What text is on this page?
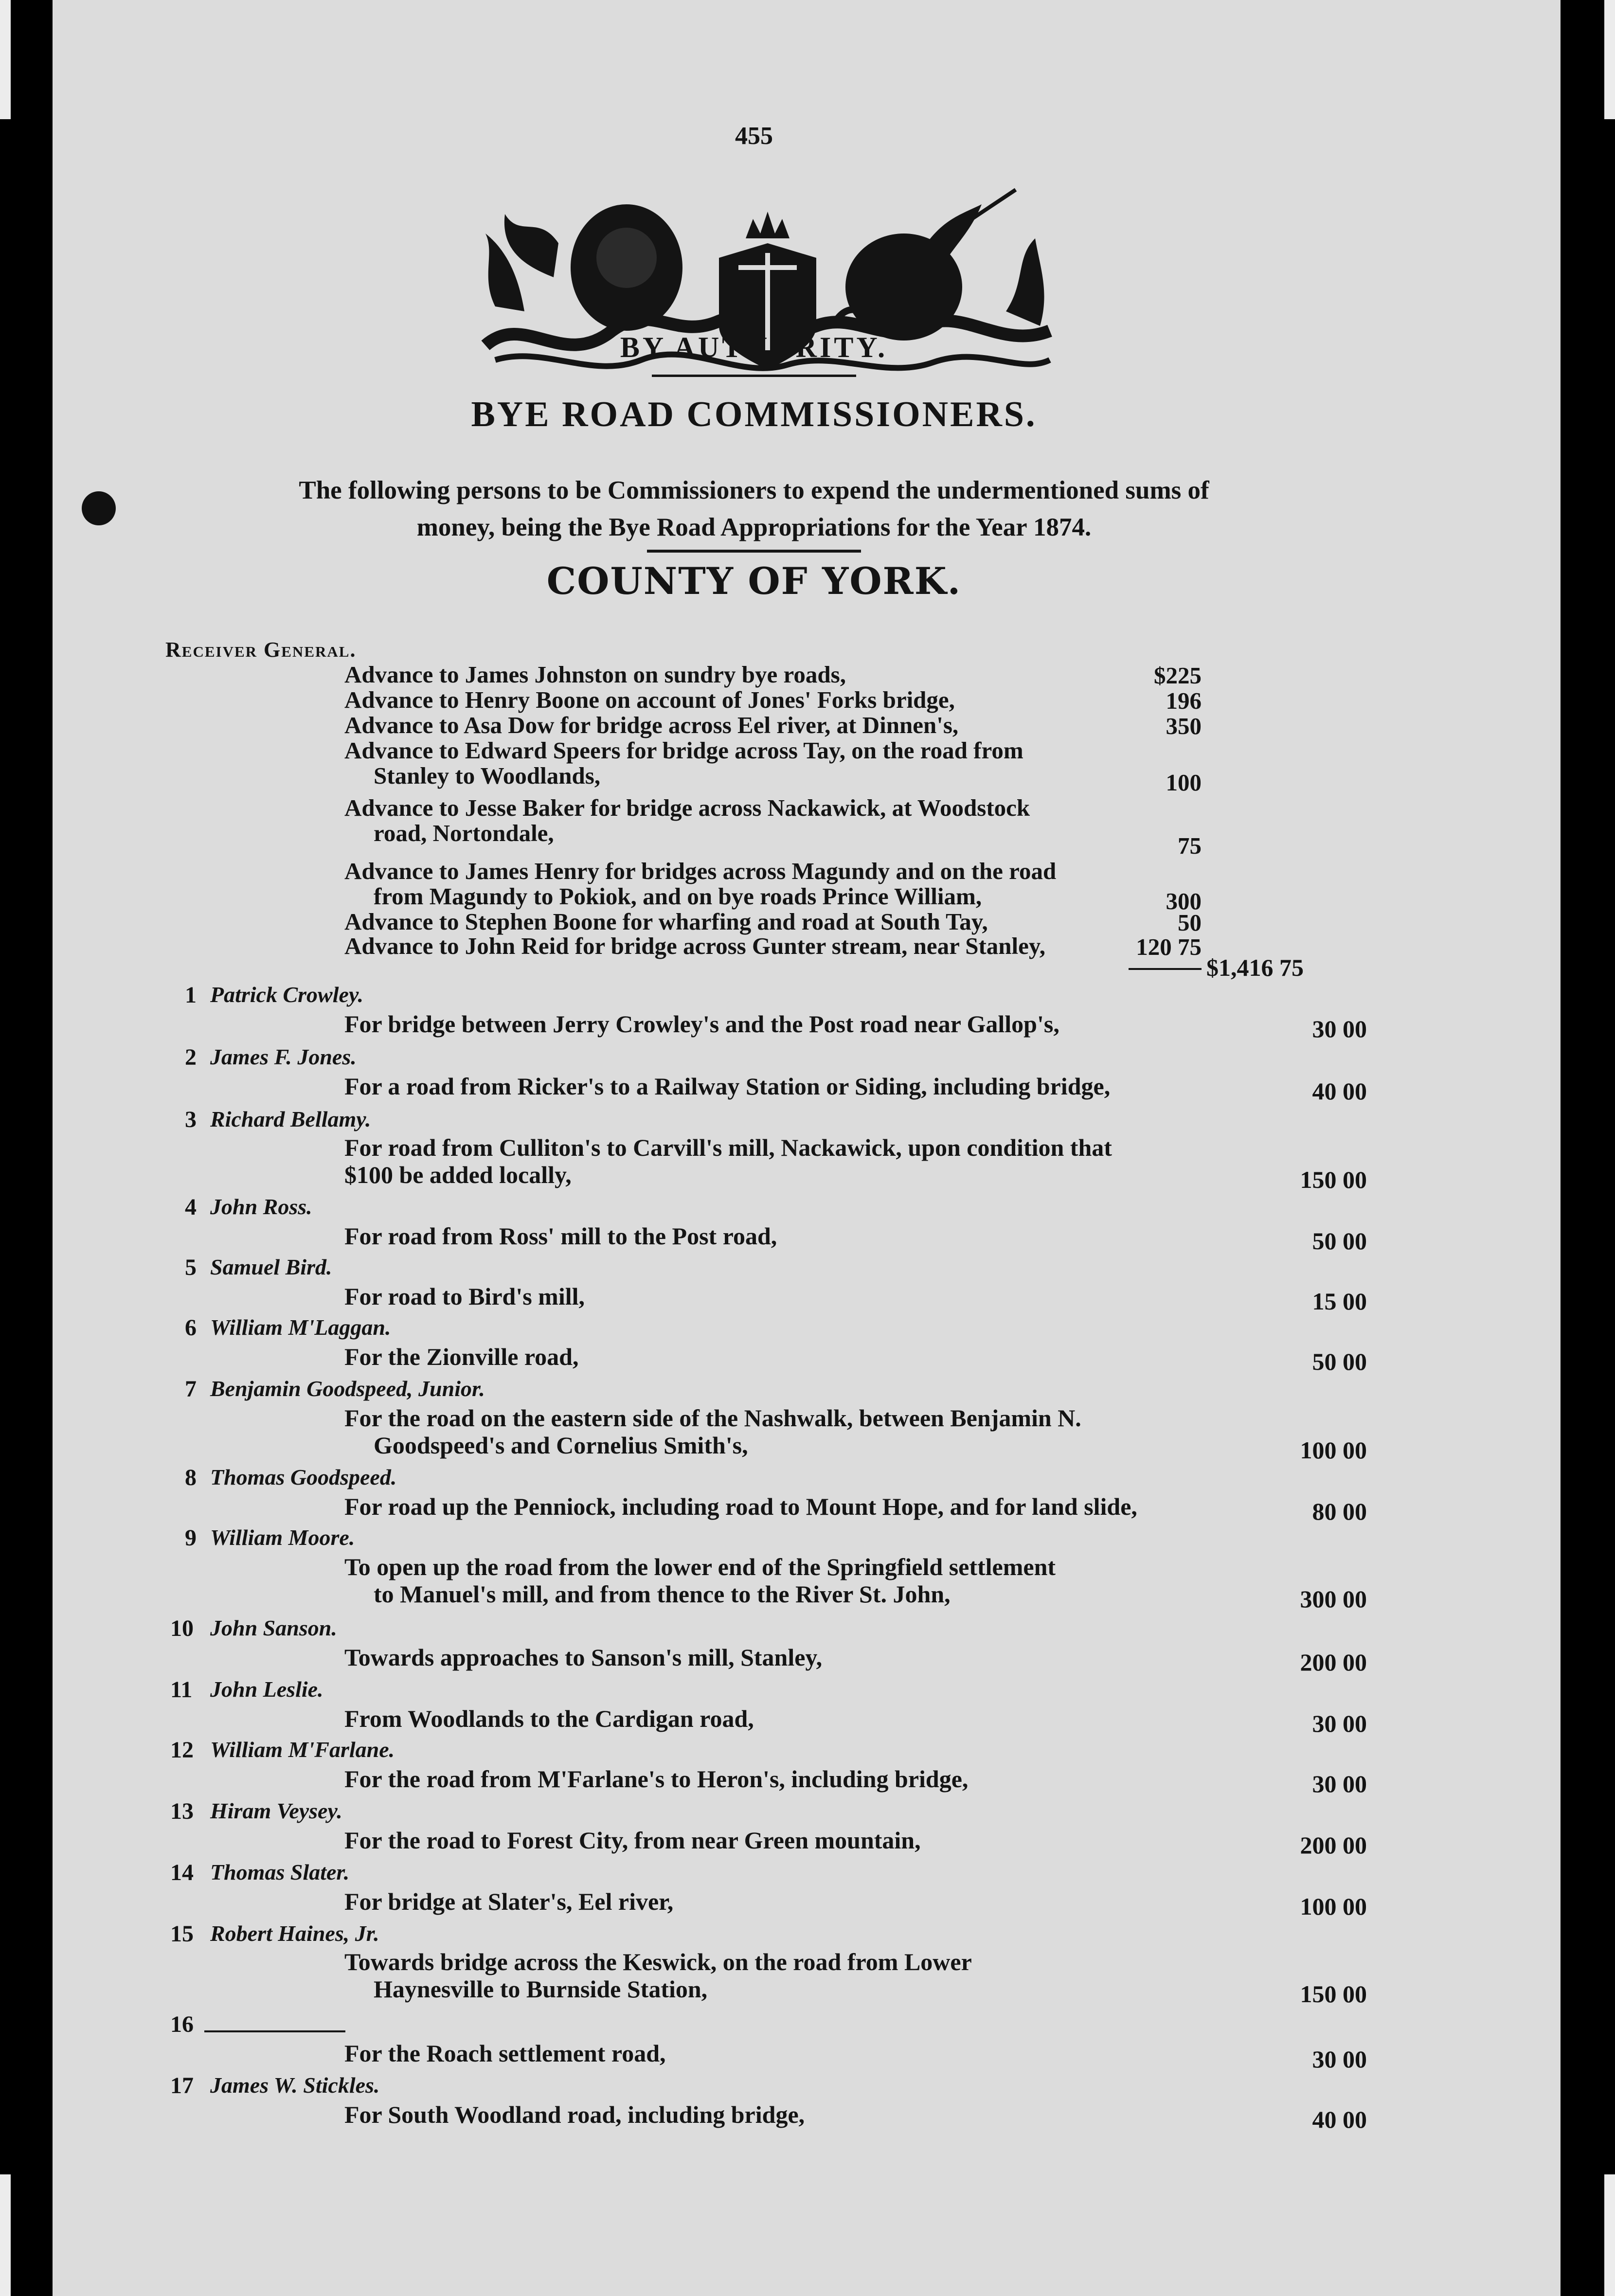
455
BY AUTHORITY.
BYE ROAD COMMISSIONERS.
The following persons to be Commissioners to expend the undermentioned sums of
money, being the Bye Road Appropriations for the Year 1874.
COUNTY OF YORK.
Receiver General.
Advance to James Johnston on sundry bye roads,	$225
Advance to Henry Boone on account of Jones' Forks bridge,	196
Advance to Asa Dow for bridge across Eel river, at Dinnen's,	350
Advance to Edward Speers for bridge across Tay, on the road from
Stanley to Woodlands,	100
Advance to Jesse Baker for bridge across Nackawick, at Woodstock
road, Nortondale,	75
Advance to James Henry for bridges across Magundy and on the road
from Magundy to Pokiok, and on bye roads Prince William,	300
Advance to Stephen Boone for wharfing and road at South Tay,	50
Advance to John Reid for bridge across Gunter stream, near Stanley,	120 75
$1,416 75
1 Patrick Crowley.
For bridge between Jerry Crowley's and the Post road near Gallop's,	30 00
2 James F. Jones.
For a road from Ricker's to a Railway Station or Siding, including bridge,	40 00
3 Richard Bellamy.
For road from Culliton's to Carvill's mill, Nackawick, upon condition that
$100 be added locally,	150 00
4 John Ross.
For road from Ross' mill to the Post road,	50 00
5 Samuel Bird.
For road to Bird's mill,	15 00
6 William M'Laggan.
For the Zionville road,	50 00
7 Benjamin Goodspeed, Junior.
For the road on the eastern side of the Nashwalk, between Benjamin N.
Goodspeed's and Cornelius Smith's,	100 00
8 Thomas Goodspeed.
For road up the Penniock, including road to Mount Hope, and for land slide,	80 00
9 William Moore.
To open up the road from the lower end of the Springfield settlement
to Manuel's mill, and from thence to the River St. John,	300 00
10 John Sanson.
Towards approaches to Sanson's mill, Stanley,	200 00
11 John Leslie.
From Woodlands to the Cardigan road,	30 00
12 William M'Farlane.
For the road from M'Farlane's to Heron's, including bridge,	30 00
13 Hiram Veysey.
For the road to Forest City, from near Green mountain,	200 00
14 Thomas Slater.
For bridge at Slater's, Eel river,	100 00
15 Robert Haines, Jr.
Towards bridge across the Keswick, on the road from Lower
Haynesville to Burnside Station,	150 00
16
For the Roach settlement road,	30 00
17 James W. Stickles.
For South Woodland road, including bridge,	40 00
